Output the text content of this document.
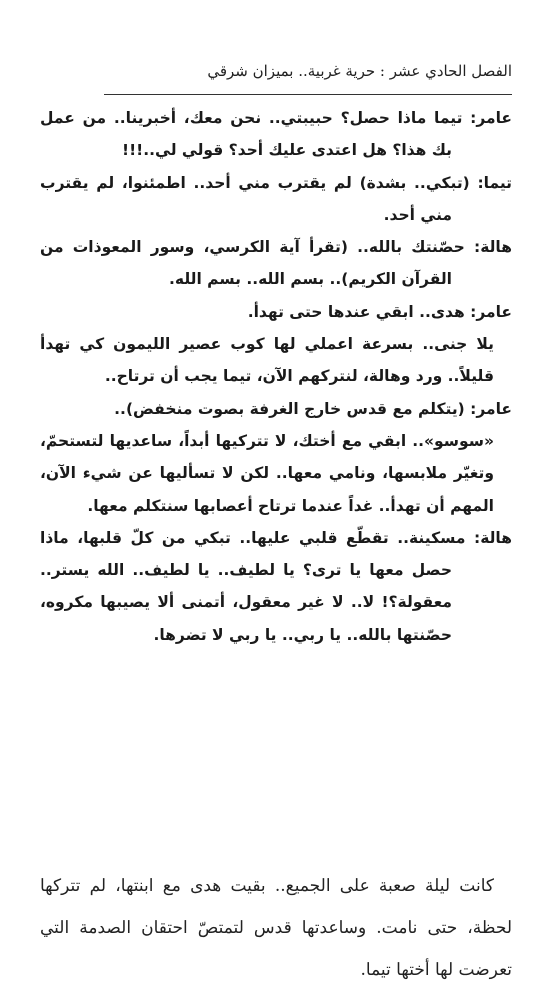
الفصل الحادي عشر : حرية غربية.. بميزان شرقي

عامر: تيما ماذا حصل؟ حبيبتي.. نحن معك، أخبرينا.. من عمل بك هذا؟ هل اعتدى عليك أحد؟ قولي لي..!!!

تيما: (تبكي.. بشدة) لم يقترب مني أحد.. اطمئنوا، لم يقترب مني أحد.

هالة: حصّنتك بالله.. (تقرأ آية الكرسي، وسور المعوذات من القرآن الكريم).. بسم الله.. بسم الله.

عامر: هدى.. ابقي عندها حتى تهدأ.

يلا جنى.. بسرعة اعملي لها كوب عصير الليمون كي تهدأ قليلاً.. ورد وهالة، لنتركهم الآن، تيما يجب أن ترتاح..

عامر: (يتكلم مع قدس خارج الغرفة بصوت منخفض)..

«سوسو».. ابقي مع أختك، لا تتركيها أبداً، ساعديها لتستحمّ، وتغيّر ملابسها، ونامي معها.. لكن لا تسأليها عن شيء الآن، المهم أن تهدأ.. غداً عندما ترتاح أعصابها سنتكلم معها.

هالة: مسكينة.. تقطّع قلبي عليها.. تبكي من كلّ قلبها، ماذا حصل معها يا ترى؟ يا لطيف.. يا لطيف.. الله يستر.. معقولة؟! لا.. لا غير معقول، أتمنى ألا يصيبها مكروه، حصّنتها بالله.. يا ربي.. يا ربي لا تضرها.

كانت ليلة صعبة على الجميع.. بقيت هدى مع ابنتها، لم تتركها لحظة، حتى نامت. وساعدتها قدس لتمتصّ احتقان الصدمة التي تعرضت لها أختها تيما.
